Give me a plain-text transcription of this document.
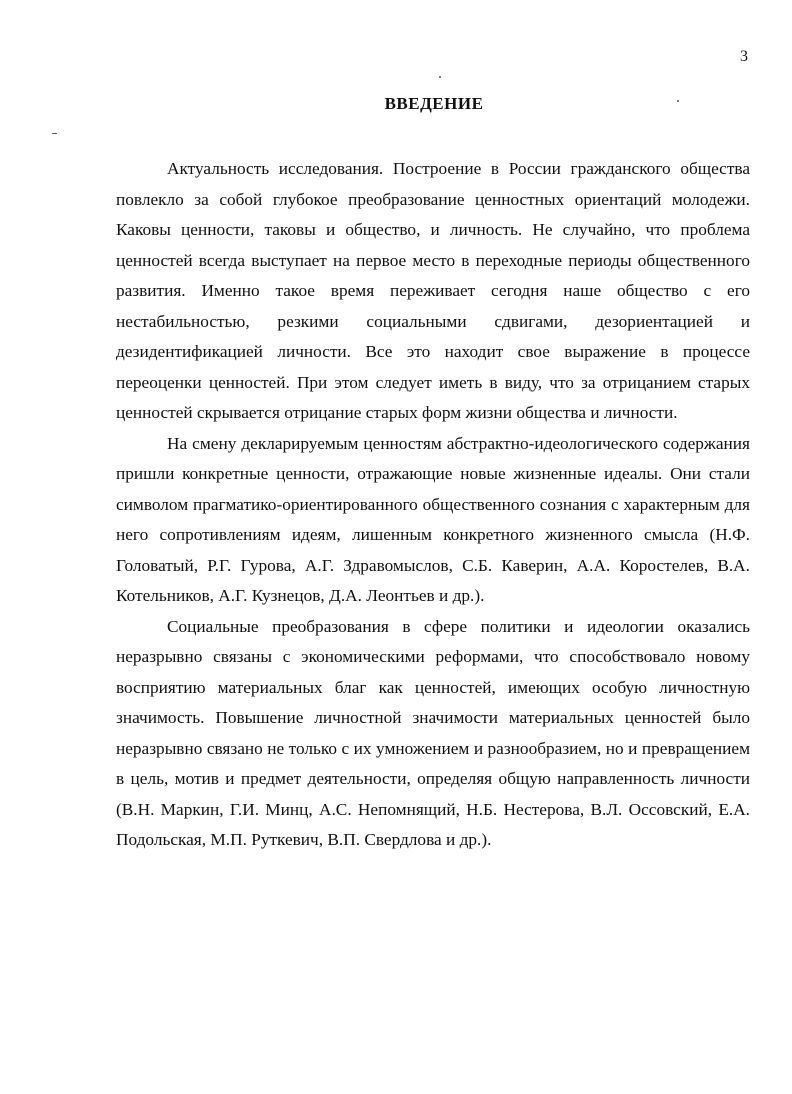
3
ВВЕДЕНИЕ

Актуальность исследования. Построение в России гражданского общества повлекло за собой глубокое преобразование ценностных ориентаций молодежи. Каковы ценности, таковы и общество, и личность. Не случайно, что проблема ценностей всегда выступает на первое место в переходные периоды общественного развития. Именно такое время переживает сегодня наше общество с его нестабильностью, резкими социальными сдвигами, дезориентацией и дезидентификацией личности. Все это находит свое выражение в процессе переоценки ценностей. При этом следует иметь в виду, что за отрицанием старых ценностей скрывается отрицание старых форм жизни общества и личности.

На смену декларируемым ценностям абстрактно-идеологического содержания пришли конкретные ценности, отражающие новые жизненные идеалы. Они стали символом прагматико-ориентированного общественного сознания с характерным для него сопротивлениям идеям, лишенным конкретного жизненного смысла (Н.Ф. Головатый, Р.Г. Гурова, А.Г. Здравомыслов, С.Б. Каверин, А.А. Коростелев, В.А. Котельников, А.Г. Кузнецов, Д.А. Леонтьев и др.).

Социальные преобразования в сфере политики и идеологии оказались неразрывно связаны с экономическими реформами, что способствовало новому восприятию материальных благ как ценностей, имеющих особую личностную значимость. Повышение личностной значимости материальных ценностей было неразрывно связано не только с их умножением и разнообразием, но и превращением в цель, мотив и предмет деятельности, определяя общую направленность личности (В.Н. Маркин, Г.И. Минц, А.С. Непомнящий, Н.Б. Нестерова, В.Л. Оссовский, Е.А. Подольская, М.П. Руткевич, В.П. Свердлова и др.).
